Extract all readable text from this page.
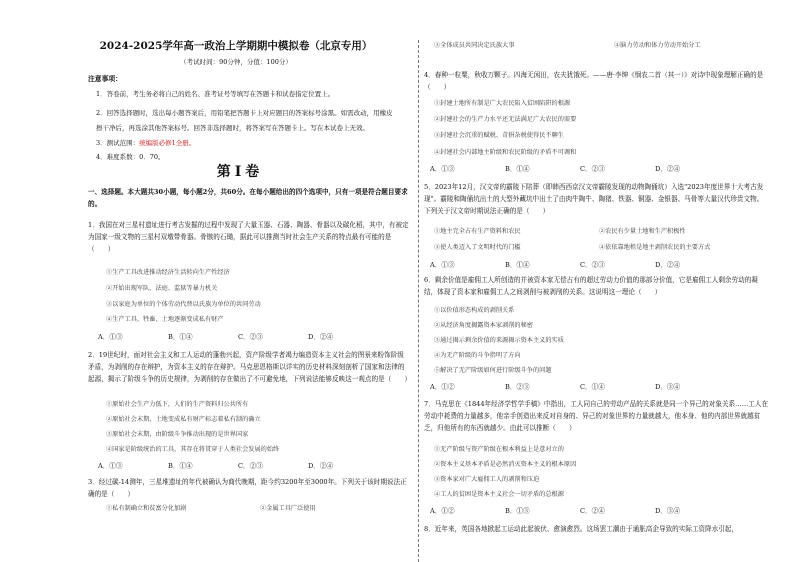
2024-2025学年高一政治上学期期中模拟卷（北京专用）
（考试时间：90分钟，分值：100分）
注意事项：
1．答卷前，考生务必将自己的姓名、准考证号等填写在答题卡和试卷指定位置上。
2．回答选择题时，选出每小题答案后，用铅笔把答题卡上对应题目的答案标号涂黑。如需改动，用橡皮擦干净后，再选涂其他答案标号。回答非选择题时，将答案写在答题卡上。写在本试卷上无效。
3．测试范围：统编版必修1全册。
4．难度系数：0．70。
第Ⅰ卷
一、选择题。本大题共30小题，每小题2分，共60分。在每小题给出的四个选项中，只有一项是符合题目要求的。
1．我国在对三星村遗址进行考古发掘的过程中发现了大量玉器、石器、陶器、骨器以及碳化稻，其中，有被定为国家一级文物的三星村双墩带骨器。骨镞的石锄，据此可以推测当时社会生产关系的特点最有可能的是（　　）
①生产工具改进推动经济生活转向生产性经济
②开始出现军队、法庭、监狱等暴力机关
③以家庭为单位的个体劳动代替以氏族为单位的共同劳动
④生产工具、牲畜、土地逐渐变成私有财产
A．①③	B．①④	C．②③	D．②④
2．19世纪时，面对社会主义和工人运动的蓬勃兴起，资产阶级学者竭力编造资本主义社会的图景来粉饰阶级矛盾，为剥削的存在辩护，为资本主义的存在辩护。马克思恩格斯以详实的历史材料深刻剖析了国家和法律的起源，揭示了阶级斗争的历史规律，为剥削的存在做出了不可避免地，下列说法能够反映这一观点的是（　　）
①原始社会生产力低下，人们的生产资料归公共所有
②原始社会末期，土地变成私有财产标志着私有制的确立
③原始社会末期，由阶级斗争推动出现的是世界国家
④国家是阶级统治的工具，其存在将贯穿于人类社会发展的始终
A．①③	B．①④	C．②③	D．②④
3．经过碳-14测年，三星堆遗址的年代被确认为商代晚期，距今约3200年至3000年。下列关于该时期说法正确的是（　　）
①私有制确立和贫富分化加剧	②金属工具广泛使用
③全体成员共同决定氏族大事	④脑力劳动和体力劳动开始分工
4．春种一粒粟，秋收万颗子。四海无闲田，农夫犹饿死。——唐·李绅《悯农二首（其一）》对诗中现象理解正确的是（　　）
①封建土地所有制是广大农民陷入贫困陷阱的根源
②封建社会的生产力水平还无法满足广大农民的需要
③封建社会沉重的赋税、苛捐杂税使得民不聊生
④封建社会内部地主阶级和农民阶级的矛盾不可调和
A．①③	B．①④	C．②③	D．②④
5．2023年12月，汉文帝的霸陵下陪葬（即韩西西京汉文帝霸陵发现的动物陶俑坑）入选"2023年度世界十大考古发现"。霸陵和陶俑坑出土的大型外藏坑中出土了由肉牛陶牛、陶猪、铁器、铜器、金银器、马骨等大量汉代珍贵文物。下列关于汉文帝时期说法正确的是（　　）
①地主完全占有生产资料和农民	②农民有少量土地和生产积极性
③使人类迈入了文明时代的门槛	④依依靠地租是地主剥削农民的主要方式
A．①③	B．①④	C．②③	D．②④
6．剩余价值是雇佣工人所创造的并被资本家无偿占有的超过劳动力价值的那部分价值，它是雇佣工人剩余劳动的凝结，体现了资本家和雇佣工人之间剥削与被剥削的关系。这说明这一理论（　　）
①以价值形态构成的剥削关系
②从经济角度揭露资本家剥削的秘密
③通过揭示剩余价值的来源揭示资本主义的实质
④为无产阶级的斗争指明了方向
⑤解决了无产阶级如何进行阶级斗争的问题
A．①②	B．②③	C．①④	D．③④
7．马克思在《1844年经济学哲学手稿》中指出，工人同自己的劳动产品的关系就是同一个异己的对象关系……工人在劳动中耗费的力量越多，他亲手创造出来反对自身的、异己的对象世界的力量就越大，他本身、他的内部世界就越贫乏，归他所有的东西就越少。由此可以推断（　　）
①无产阶级与资产阶级在根本利益上是意对立的
②资本主义基本矛盾是必然消灭资本主义的根本原因
③资本家对广大雇佣工人的剥削和压迫
④工人的贫困是资本主义社会一切矛盾的总根源
A．①②	B．①③	C．②④	D．③④
8．近年来，英国各地掀起工运动此起彼伏、愈演愈烈。这场罢工潮由于通胀高企导致的实际工资降水引起，
